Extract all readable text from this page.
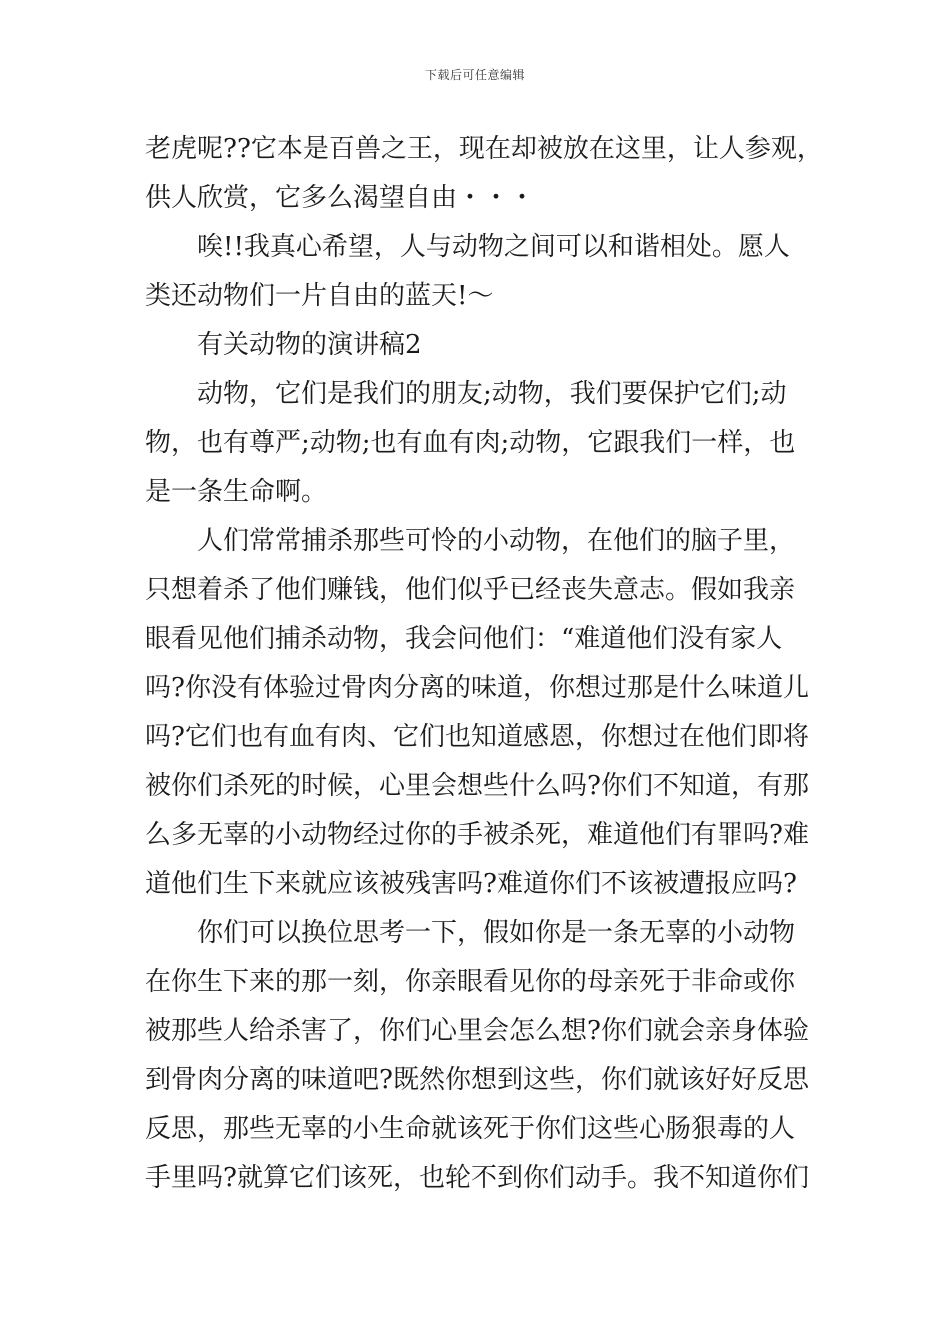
下载后可任意编辑
老虎呢??它本是百兽之王，现在却被放在这里，让人参观，
供人欣赏，它多么渴望自由・・・
唉!!我真心希望，人与动物之间可以和谐相处。愿人
类还动物们一片自由的蓝天!～
有关动物的演讲稿2
动物，它们是我们的朋友;动物，我们要保护它们;动
物，也有尊严;动物;也有血有肉;动物，它跟我们一样，也
是一条生命啊。
人们常常捕杀那些可怜的小动物，在他们的脑子里，
只想着杀了他们赚钱，他们似乎已经丧失意志。假如我亲
眼看见他们捕杀动物，我会问他们：“难道他们没有家人
吗?你没有体验过骨肉分离的味道，你想过那是什么味道儿
吗?它们也有血有肉、它们也知道感恩，你想过在他们即将
被你们杀死的时候，心里会想些什么吗?你们不知道，有那
么多无辜的小动物经过你的手被杀死，难道他们有罪吗?难
道他们生下来就应该被残害吗?难道你们不该被遭报应吗?
你们可以换位思考一下，假如你是一条无辜的小动物
在你生下来的那一刻，你亲眼看见你的母亲死于非命或你
被那些人给杀害了，你们心里会怎么想?你们就会亲身体验
到骨肉分离的味道吧?既然你想到这些，你们就该好好反思
反思，那些无辜的小生命就该死于你们这些心肠狠毒的人
手里吗?就算它们该死，也轮不到你们动手。我不知道你们
